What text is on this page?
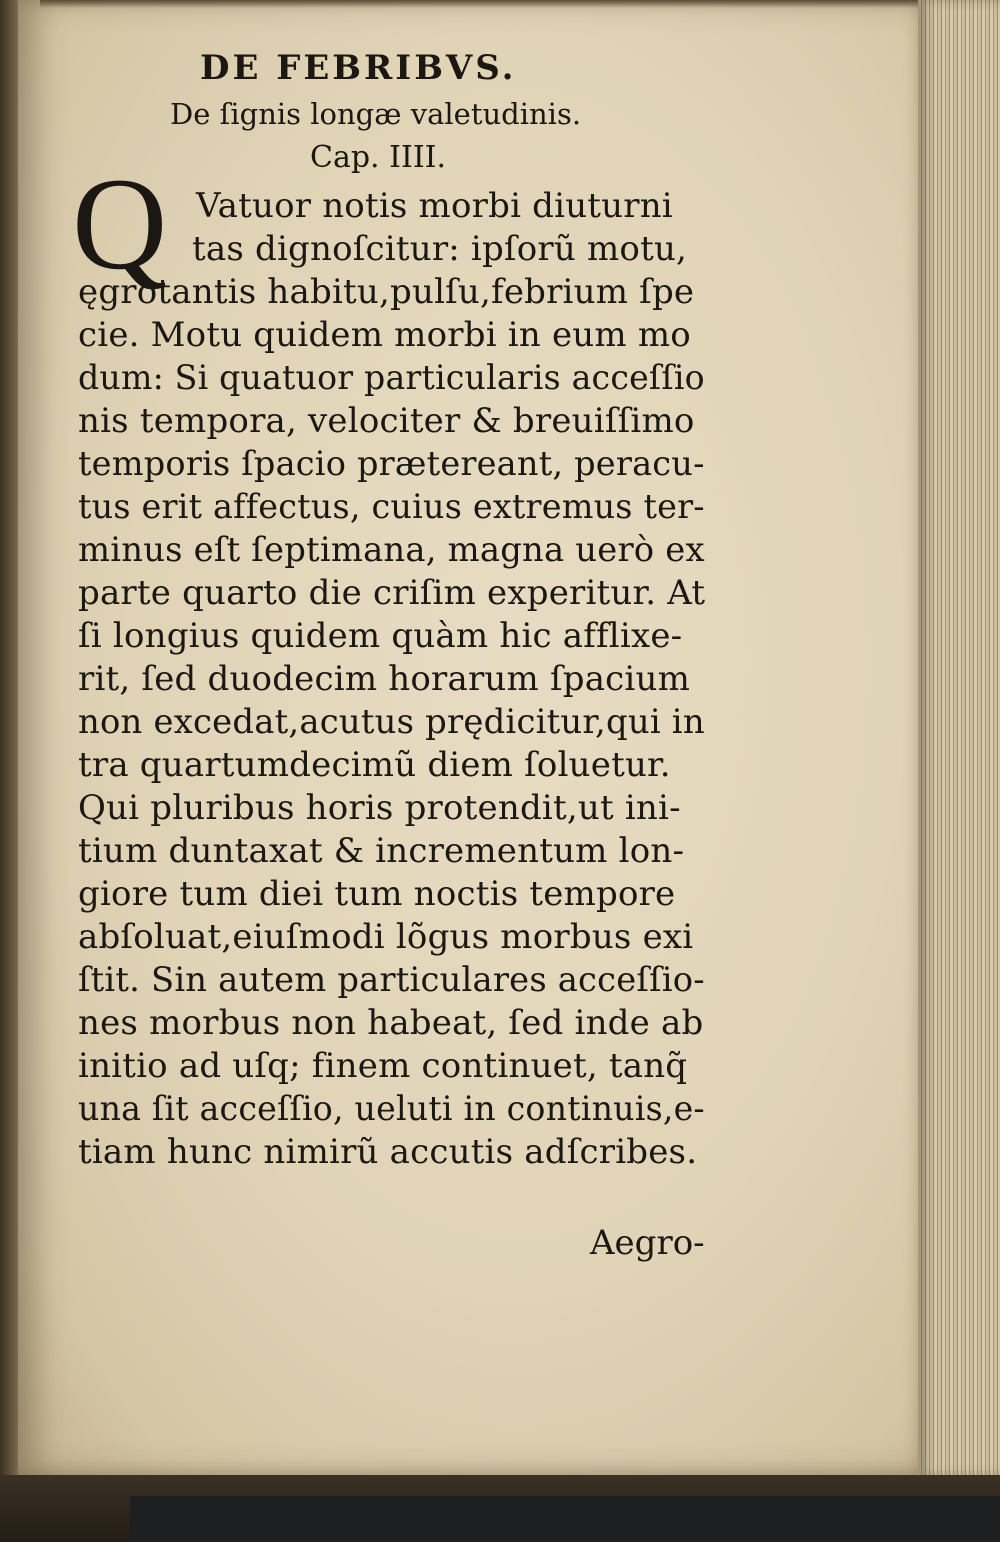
DE FEBRIBVS.
De ſignis longæ valetudinis.
Cap. IIII.
Q Vatuor notis morbi diuturni
tas dignoſcitur: ipſorũ motu,
ęgrotantis habitu,pulſu,febrium ſpe
cie. Motu quidem morbi in eum mo
dum: Si quatuor particularis acceſſio
nis tempora, velociter & breuiſſimo
temporis ſpacio prætereant, peracu-
tus erit affectus, cuius extremus ter-
minus eſt ſeptimana, magna uerò ex
parte quarto die criſim experitur. At
ſi longius quidem quàm hic afflixe-
rit, ſed duodecim horarum ſpacium
non excedat,acutus prędicitur,qui in
tra quartumdecimũ diem ſoluetur.
Qui pluribus horis protendit,ut ini-
tium duntaxat & incrementum lon-
giore tum diei tum noctis tempore
abſoluat,eiuſmodi lõgus morbus exi
ſtit. Sin autem particulares acceſſio-
nes morbus non habeat, ſed inde ab
initio ad uſq; finem continuet, tanq̃
una ſit acceſſio, ueluti in continuis,e-
tiam hunc nimirũ accutis adſcribes.
Aegro-
